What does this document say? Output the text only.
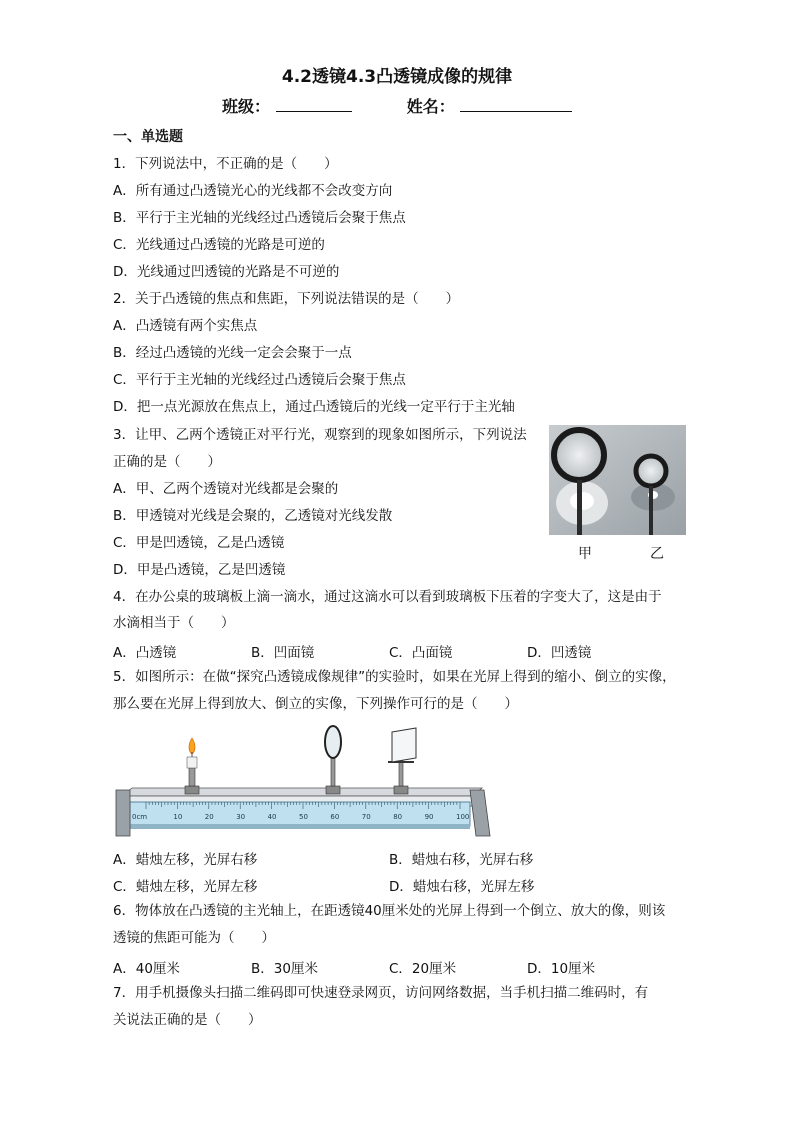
4.2透镜4.3凸透镜成像的规律
班级：	姓名：
一、单选题
1．下列说法中，不正确的是（　　）
A．所有通过凸透镜光心的光线都不会改变方向
B．平行于主光轴的光线经过凸透镜后会聚于焦点
C．光线通过凸透镜的光路是可逆的
D．光线通过凹透镜的光路是不可逆的
2．关于凸透镜的焦点和焦距，下列说法错误的是（　　）
A．凸透镜有两个实焦点
B．经过凸透镜的光线一定会会聚于一点
C．平行于主光轴的光线经过凸透镜后会聚于焦点
D．把一点光源放在焦点上，通过凸透镜后的光线一定平行于主光轴
3．让甲、乙两个透镜正对平行光，观察到的现象如图所示，下列说法
正确的是（　　）
A．甲、乙两个透镜对光线都是会聚的
B．甲透镜对光线是会聚的，乙透镜对光线发散
C．甲是凹透镜，乙是凸透镜
D．甲是凸透镜，乙是凹透镜
甲	乙
4．在办公桌的玻璃板上滴一滴水，通过这滴水可以看到玻璃板下压着的字变大了，这是由于
水滴相当于（　　）
A．凸透镜	B．凹面镜	C．凸面镜	D．凹透镜
5．如图所示：在做“探究凸透镜成像规律”的实验时，如果在光屏上得到的缩小、倒立的实像，
那么要在光屏上得到放大、倒立的实像，下列操作可行的是（　　）
0cm	10	20	30	40	50	60	70	80	90	100
A．蜡烛左移，光屏右移	B．蜡烛右移，光屏右移
C．蜡烛左移，光屏左移	D．蜡烛右移，光屏左移
6．物体放在凸透镜的主光轴上，在距透镜40厘米处的光屏上得到一个倒立、放大的像，则该
透镜的焦距可能为（　　）
A．40厘米	B．30厘米	C．20厘米	D．10厘米
7．用手机摄像头扫描二维码即可快速登录网页，访问网络数据，当手机扫描二维码时，有
关说法正确的是（　　）
